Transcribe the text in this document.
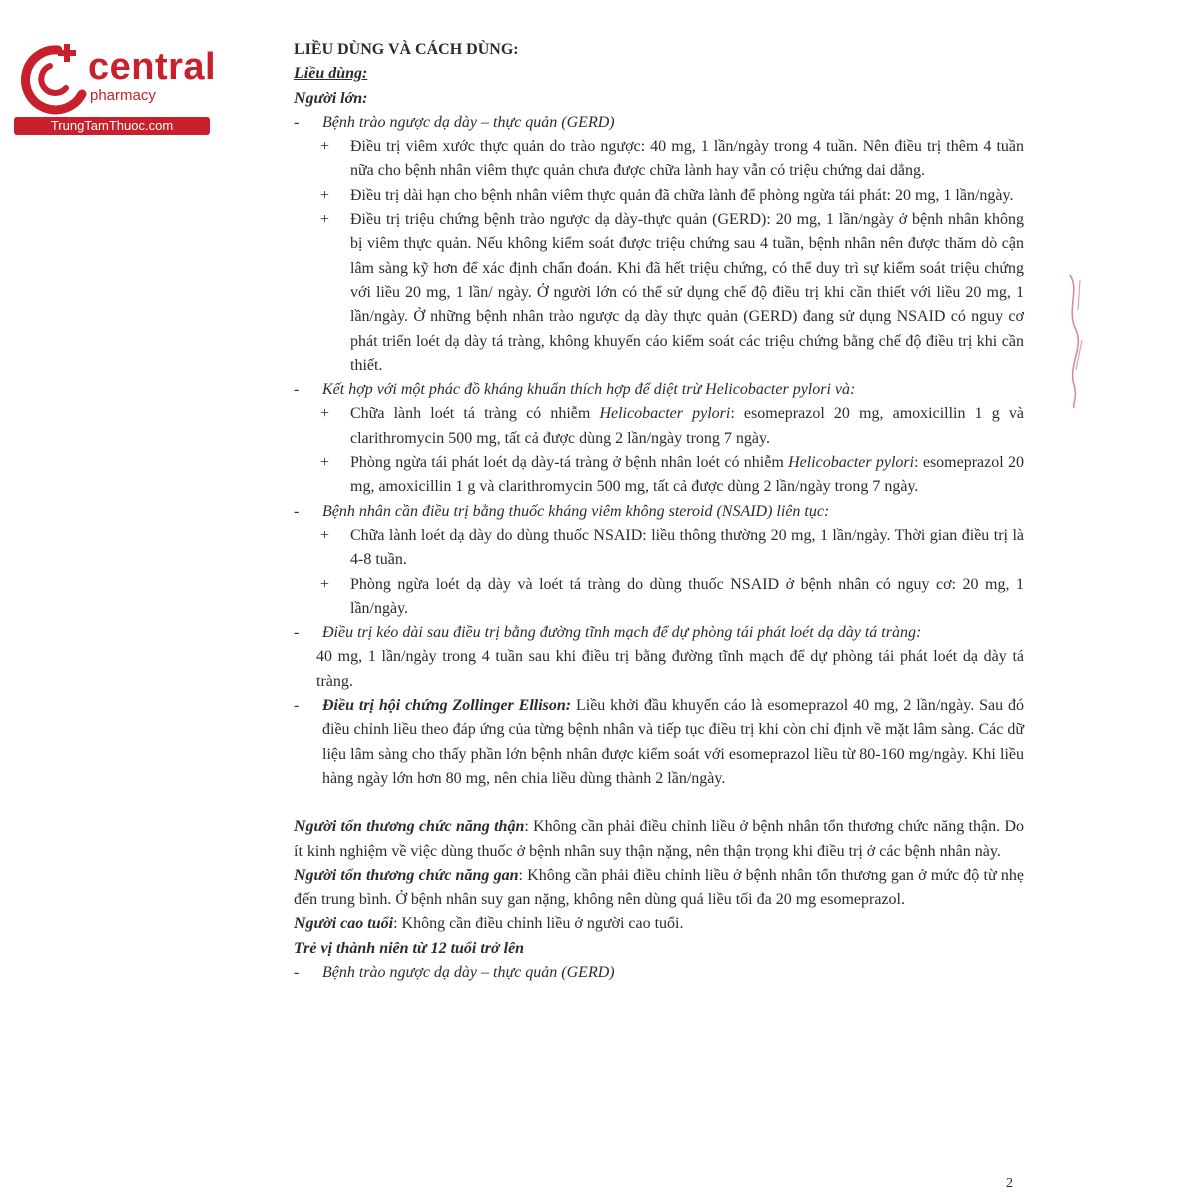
central
pharmacy
TrungTamThuoc.com

LIỀU DÙNG VÀ CÁCH DÙNG:

Liều dùng:

Người lớn:

- Bệnh trào ngược dạ dày – thực quản (GERD)

+ Điều trị viêm xước thực quản do trào ngược: 40 mg, 1 lần/ngày trong 4 tuần. Nên điều trị thêm 4 tuần nữa cho bệnh nhân viêm thực quản chưa được chữa lành hay vẫn có triệu chứng dai dẳng.

+ Điều trị dài hạn cho bệnh nhân viêm thực quản đã chữa lành để phòng ngừa tái phát: 20 mg, 1 lần/ngày.

+ Điều trị triệu chứng bệnh trào ngược dạ dày-thực quản (GERD): 20 mg, 1 lần/ngày ở bệnh nhân không bị viêm thực quản. Nếu không kiểm soát được triệu chứng sau 4 tuần, bệnh nhân nên được thăm dò cận lâm sàng kỹ hơn để xác định chẩn đoán. Khi đã hết triệu chứng, có thể duy trì sự kiểm soát triệu chứng với liều 20 mg, 1 lần/ ngày. Ở người lớn có thể sử dụng chế độ điều trị khi cần thiết với liều 20 mg, 1 lần/ngày. Ở những bệnh nhân trào ngược dạ dày thực quản (GERD) đang sử dụng NSAID có nguy cơ phát triển loét dạ dày tá tràng, không khuyến cáo kiểm soát các triệu chứng bằng chế độ điều trị khi cần thiết.

- Kết hợp với một phác đồ kháng khuẩn thích hợp để diệt trừ Helicobacter pylori và:

+ Chữa lành loét tá tràng có nhiễm Helicobacter pylori: esomeprazol 20 mg, amoxicillin 1 g và clarithromycin 500 mg, tất cả được dùng 2 lần/ngày trong 7 ngày.

+ Phòng ngừa tái phát loét dạ dày-tá tràng ở bệnh nhân loét có nhiễm Helicobacter pylori: esomeprazol 20 mg, amoxicillin 1 g và clarithromycin 500 mg, tất cả được dùng 2 lần/ngày trong 7 ngày.

- Bệnh nhân cần điều trị bằng thuốc kháng viêm không steroid (NSAID) liên tục:

+ Chữa lành loét dạ dày do dùng thuốc NSAID: liều thông thường 20 mg, 1 lần/ngày. Thời gian điều trị là 4-8 tuần.

+ Phòng ngừa loét dạ dày và loét tá tràng do dùng thuốc NSAID ở bệnh nhân có nguy cơ: 20 mg, 1 lần/ngày.

- Điều trị kéo dài sau điều trị bằng đường tĩnh mạch để dự phòng tái phát loét dạ dày tá tràng:

40 mg, 1 lần/ngày trong 4 tuần sau khi điều trị bằng đường tĩnh mạch để dự phòng tái phát loét dạ dày tá tràng.

- Điều trị hội chứng Zollinger Ellison: Liều khởi đầu khuyến cáo là esomeprazol 40 mg, 2 lần/ngày. Sau đó điều chỉnh liều theo đáp ứng của từng bệnh nhân và tiếp tục điều trị khi còn chỉ định về mặt lâm sàng. Các dữ liệu lâm sàng cho thấy phần lớn bệnh nhân được kiểm soát với esomeprazol liều từ 80-160 mg/ngày. Khi liều hàng ngày lớn hơn 80 mg, nên chia liều dùng thành 2 lần/ngày.

Người tổn thương chức năng thận: Không cần phải điều chỉnh liều ở bệnh nhân tổn thương chức năng thận. Do ít kinh nghiệm về việc dùng thuốc ở bệnh nhân suy thận nặng, nên thận trọng khi điều trị ở các bệnh nhân này.

Người tổn thương chức năng gan: Không cần phải điều chỉnh liều ở bệnh nhân tổn thương gan ở mức độ từ nhẹ đến trung bình. Ở bệnh nhân suy gan nặng, không nên dùng quá liều tối đa 20 mg esomeprazol.

Người cao tuổi: Không cần điều chỉnh liều ở người cao tuổi.

Trẻ vị thành niên từ 12 tuổi trở lên

- Bệnh trào ngược dạ dày – thực quản (GERD)

2
